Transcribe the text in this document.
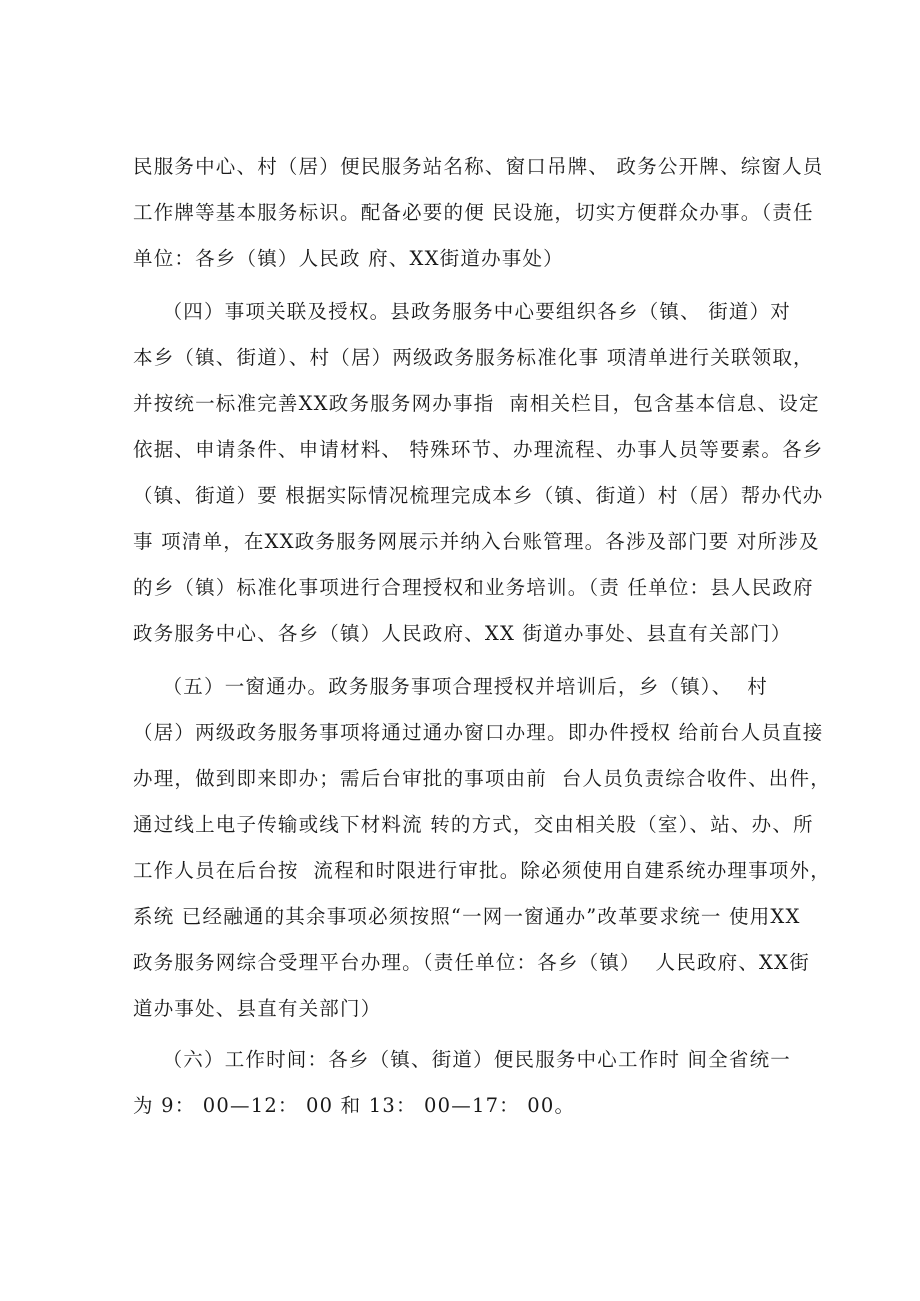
民服务中心、村（居）便民服务站名称、窗口吊牌、 政务公开牌、综窗人员
工作牌等基本服务标识。配备必要的便 民设施，切实方便群众办事。（责任
单位：各乡（镇）人民政 府、XX街道办事处）
（四）事项关联及授权。县政务服务中心要组织各乡（镇、 街道）对
本乡（镇、街道）、村（居）两级政务服务标准化事 项清单进行关联领取，
并按统一标准完善XX政务服务网办事指  南相关栏目，包含基本信息、设定
依据、申请条件、申请材料、 特殊环节、办理流程、办事人员等要素。各乡
（镇、街道）要 根据实际情况梳理完成本乡（镇、街道）村（居）帮办代办
事 项清单，在XX政务服务网展示并纳入台账管理。各涉及部门要 对所涉及
的乡（镇）标准化事项进行合理授权和业务培训。（责 任单位：县人民政府
政务服务中心、各乡（镇）人民政府、XX 街道办事处、县直有关部门）
（五）一窗通办。政务服务事项合理授权并培训后，乡（镇）、  村
（居）两级政务服务事项将通过通办窗口办理。即办件授权 给前台人员直接
办理，做到即来即办；需后台审批的事项由前  台人员负责综合收件、出件，
通过线上电子传输或线下材料流 转的方式，交由相关股（室）、站、办、所
工作人员在后台按  流程和时限进行审批。除必须使用自建系统办理事项外，
系统 已经融通的其余事项必须按照“一网一窗通办”改革要求统一 使用XX
政务服务网综合受理平台办理。（责任单位：各乡（镇）  人民政府、XX街
道办事处、县直有关部门）
（六）工作时间：各乡（镇、街道）便民服务中心工作时 间全省统一
为 9： 00—12： 00 和 13： 00—17： 00。
